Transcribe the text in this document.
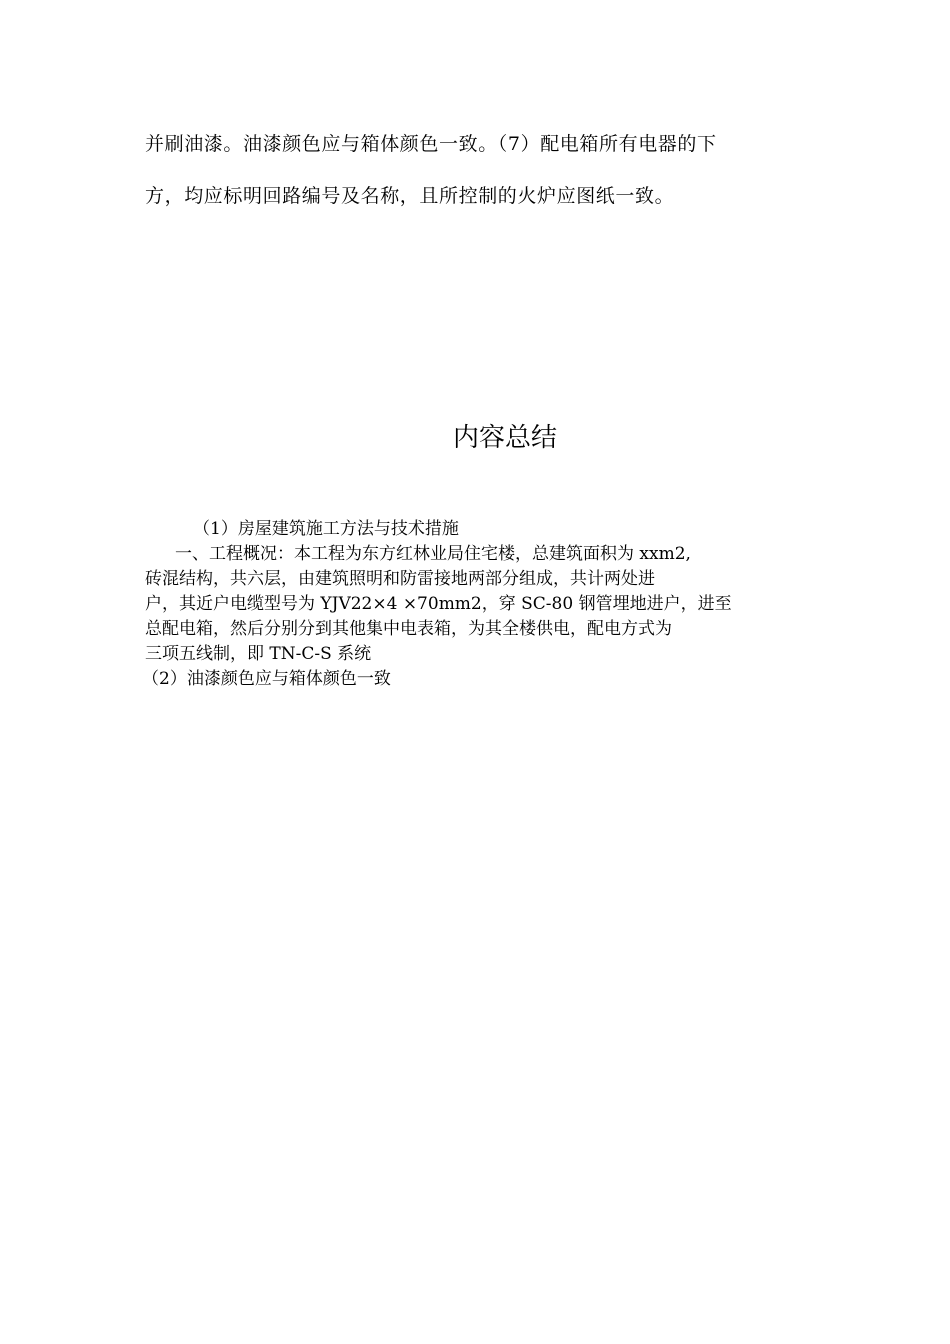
并刷油漆。油漆颜色应与箱体颜色一致。（7）配电箱所有电器的下

方，均应标明回路编号及名称，且所控制的火炉应图纸一致。

内容总结

（1）房屋建筑施工方法与技术措施

一、工程概况：本工程为东方红林业局住宅楼，总建筑面积为 xxm2,

砖混结构，共六层，由建筑照明和防雷接地两部分组成，共计两处进

户，其近户电缆型号为 YJV22×4 ×70mm2，穿 SC-80 钢管埋地进户，进至

总配电箱，然后分别分到其他集中电表箱，为其全楼供电，配电方式为

三项五线制，即 TN-C-S 系统

（2）油漆颜色应与箱体颜色一致
